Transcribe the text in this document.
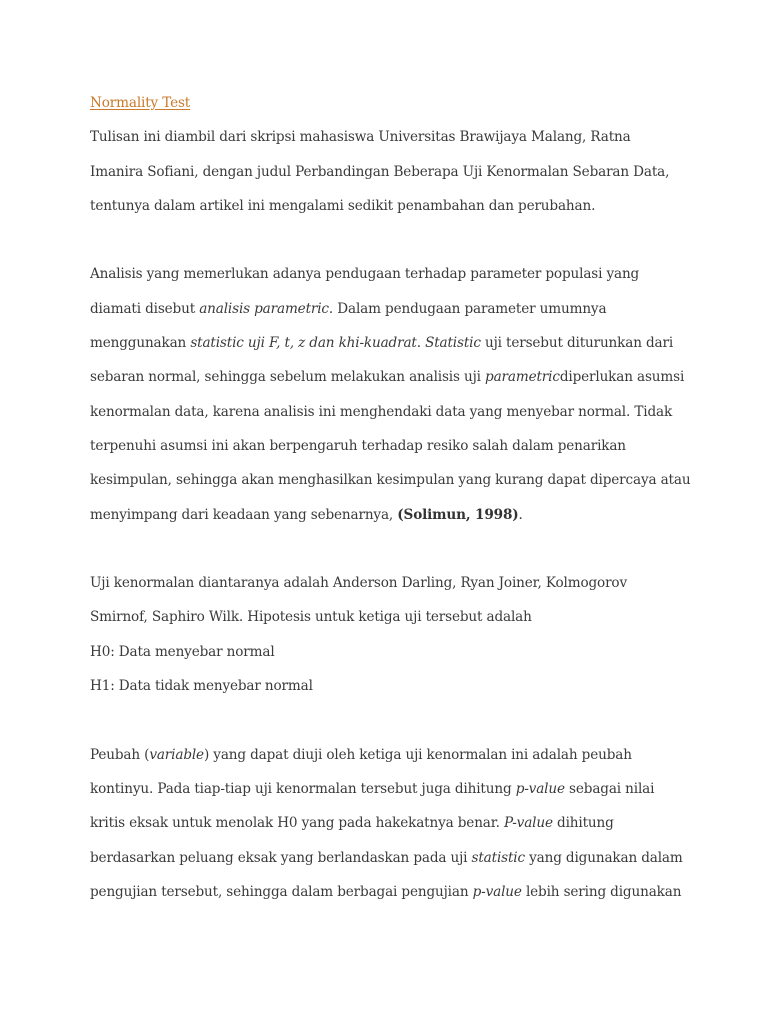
Normality Test
Tulisan ini diambil dari skripsi mahasiswa Universitas Brawijaya Malang, Ratna
Imanira Sofiani, dengan judul Perbandingan Beberapa Uji Kenormalan Sebaran Data,
tentunya dalam artikel ini mengalami sedikit penambahan dan perubahan.
Analisis yang memerlukan adanya pendugaan terhadap parameter populasi yang
diamati disebut analisis parametric. Dalam pendugaan parameter umumnya
menggunakan statistic uji F, t, z dan khi-kuadrat. Statistic uji tersebut diturunkan dari
sebaran normal, sehingga sebelum melakukan analisis uji parametricdiperlukan asumsi
kenormalan data, karena analisis ini menghendaki data yang menyebar normal. Tidak
terpenuhi asumsi ini akan berpengaruh terhadap resiko salah dalam penarikan
kesimpulan, sehingga akan menghasilkan kesimpulan yang kurang dapat dipercaya atau
menyimpang dari keadaan yang sebenarnya, (Solimun, 1998).
Uji kenormalan diantaranya adalah Anderson Darling, Ryan Joiner, Kolmogorov
Smirnof, Saphiro Wilk. Hipotesis untuk ketiga uji tersebut adalah
H0: Data menyebar normal
H1: Data tidak menyebar normal
Peubah (variable) yang dapat diuji oleh ketiga uji kenormalan ini adalah peubah
kontinyu. Pada tiap-tiap uji kenormalan tersebut juga dihitung p-value sebagai nilai
kritis eksak untuk menolak H0 yang pada hakekatnya benar. P-value dihitung
berdasarkan peluang eksak yang berlandaskan pada uji statistic yang digunakan dalam
pengujian tersebut, sehingga dalam berbagai pengujian p-value lebih sering digunakan
